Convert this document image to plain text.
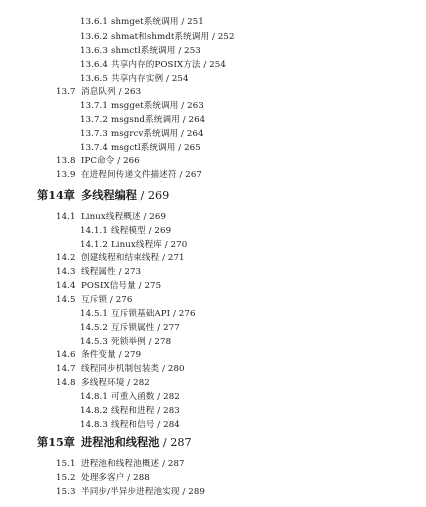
13.6.1 shmget系统调用 / 251
13.6.2 shmat和shmdt系统调用 / 252
13.6.3 shmctl系统调用 / 253
13.6.4 共享内存的POSIX方法 / 254
13.6.5 共享内存实例 / 254
13.7 消息队列 / 263
13.7.1 msgget系统调用 / 263
13.7.2 msgsnd系统调用 / 264
13.7.3 msgrcv系统调用 / 264
13.7.4 msgctl系统调用 / 265
13.8 IPC命令 / 266
13.9 在进程间传递文件描述符 / 267
第14章 多线程编程 / 269
14.1 Linux线程概述 / 269
14.1.1 线程模型 / 269
14.1.2 Linux线程库 / 270
14.2 创建线程和结束线程 / 271
14.3 线程属性 / 273
14.4 POSIX信号量 / 275
14.5 互斥锁 / 276
14.5.1 互斥锁基础API / 276
14.5.2 互斥锁属性 / 277
14.5.3 死锁举例 / 278
14.6 条件变量 / 279
14.7 线程同步机制包装类 / 280
14.8 多线程环境 / 282
14.8.1 可重入函数 / 282
14.8.2 线程和进程 / 283
14.8.3 线程和信号 / 284
第15章 进程池和线程池 / 287
15.1 进程池和线程池概述 / 287
15.2 处理多客户 / 288
15.3 半同步/半异步进程池实现 / 289
